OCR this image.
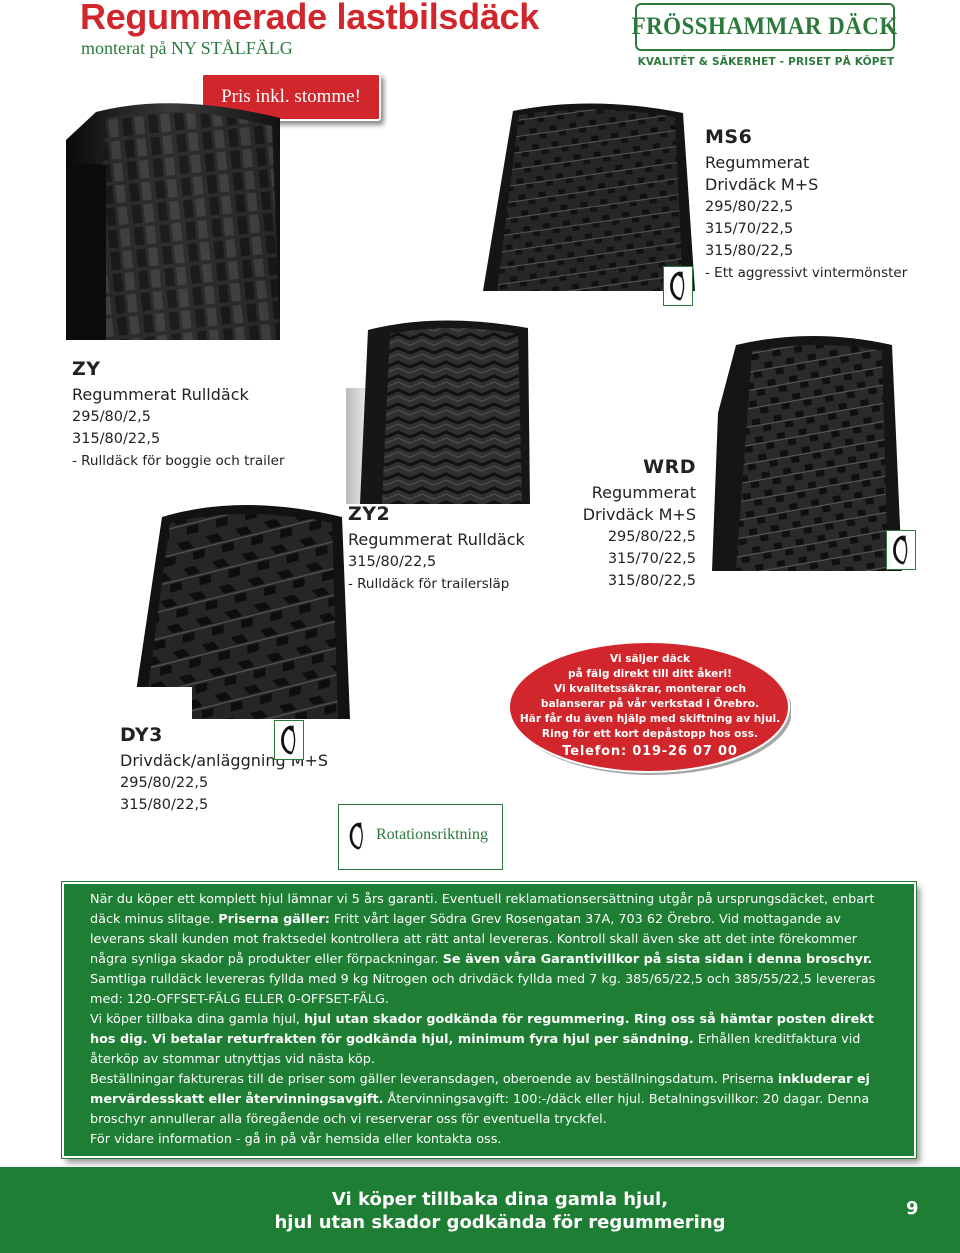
Regummerade lastbilsdäck
monterat på NY STÅLFÄLG
Pris inkl. stomme!
FRÖSSHAMMAR DÄCK
KVALITÉT & SÄKERHET - PRISET PÅ KÖPET
MS6
Regummerat
Drivdäck M+S
295/80/22,5
315/70/22,5
315/80/22,5
- Ett aggressivt vintermönster
ZY
Regummerat Rulldäck
295/80/2,5
315/80/22,5
- Rulldäck för boggie och trailer
ZY2
Regummerat Rulldäck
315/80/22,5
- Rulldäck för trailersläp
WRD
Regummerat
Drivdäck M+S
295/80/22,5
315/70/22,5
315/80/22,5
DY3
Drivdäck/anläggning M+S
295/80/22,5
315/80/22,5
Rotationsriktning
Vi säljer däck
på fälg direkt till ditt åkeri!
Vi kvalitetssäkrar, monterar och
balanserar på vår verkstad i Örebro.
Här får du även hjälp med skiftning av hjul.
Ring för ett kort depåstopp hos oss.
Telefon: 019-26 07 00
När du köper ett komplett hjul lämnar vi 5 års garanti. Eventuell reklamationsersättning utgår på ursprungsdäcket, enbart däck minus slitage. Priserna gäller: Fritt vårt lager Södra Grev Rosengatan 37A, 703 62 Örebro. Vid mottagande av leverans skall kunden mot fraktsedel kontrollera att rätt antal levereras. Kontroll skall även ske att det inte förekommer några synliga skador på produkter eller förpackningar. Se även våra Garantivillkor på sista sidan i denna broschyr.
Samtliga rulldäck levereras fyllda med 9 kg Nitrogen och drivdäck fyllda med 7 kg. 385/65/22,5 och 385/55/22,5 levereras med: 120-OFFSET-FÄLG ELLER 0-OFFSET-FÄLG.
Vi köper tillbaka dina gamla hjul, hjul utan skador godkända för regummering. Ring oss så hämtar posten direkt hos dig. Vi betalar returfrakten för godkända hjul, minimum fyra hjul per sändning. Erhållen kreditfaktura vid återköp av stommar utnyttjas vid nästa köp.
Beställningar faktureras till de priser som gäller leveransdagen, oberoende av beställningsdatum. Priserna inkluderar ej mervärdesskatt eller återvinningsavgift. Återvinningsavgift: 100:-/däck eller hjul. Betalningsvillkor: 20 dagar. Denna broschyr annullerar alla föregående och vi reserverar oss för eventuella tryckfel.
För vidare information - gå in på vår hemsida eller kontakta oss.
Vi köper tillbaka dina gamla hjul,
hjul utan skador godkända för regummering
9
